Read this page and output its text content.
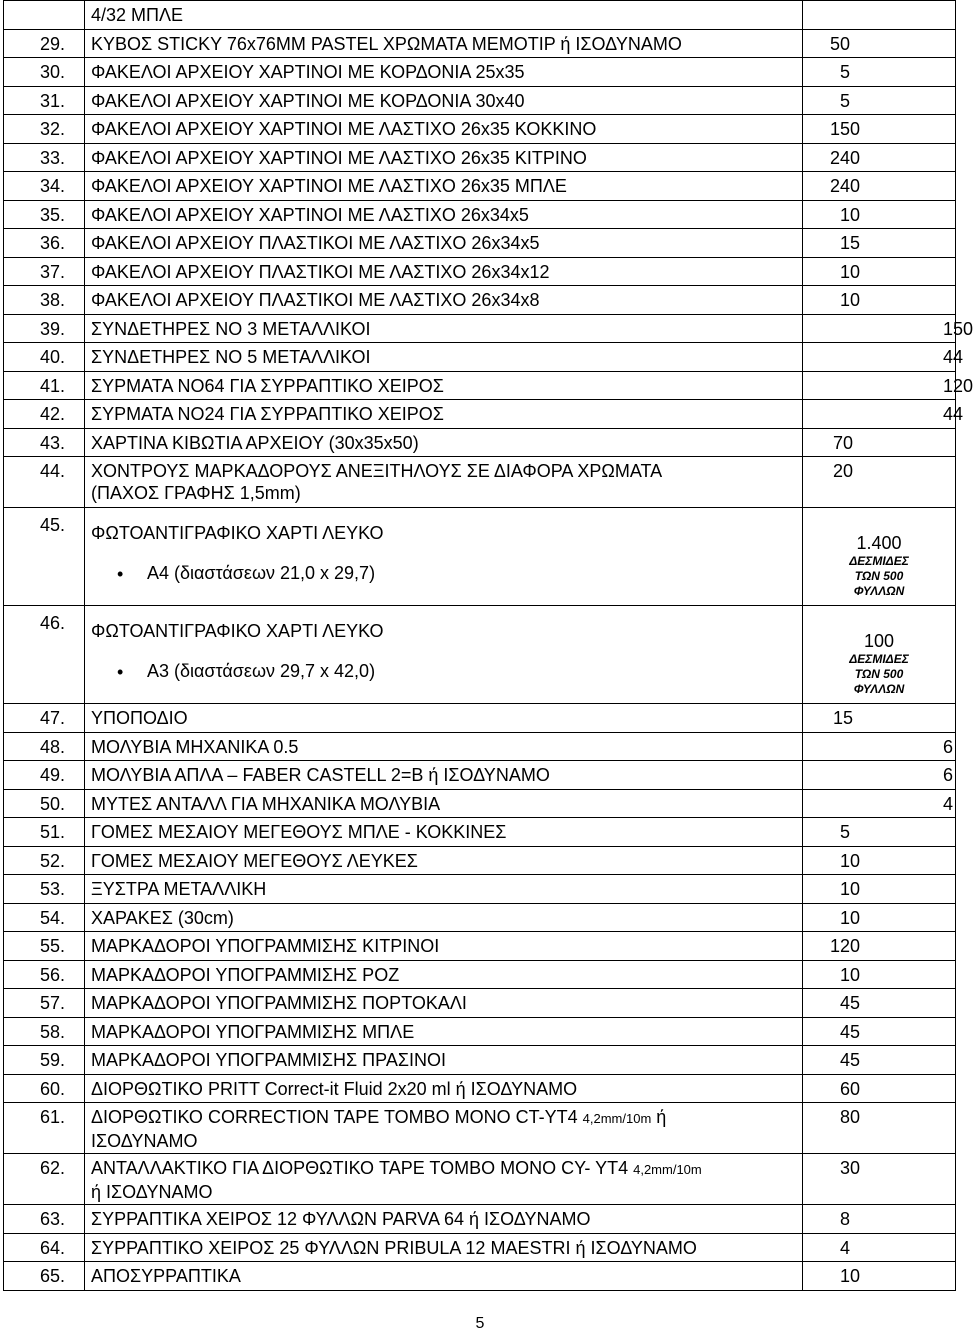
	4/32 ΜΠΛΕ	
29.	ΚΥΒΟΣ STICKY 76x76MM PASTEL ΧΡΩΜΑΤΑ ΜΕΜΟΤΙΡ ή ΙΣΟΔΥΝΑΜΟ	50

30.	ΦΑΚΕΛΟΙ ΑΡΧΕΙΟΥ ΧΑΡΤΙΝΟΙ ΜΕ ΚΟΡΔΟΝΙΑ 25x35	5

31.	ΦΑΚΕΛΟΙ ΑΡΧΕΙΟΥ ΧΑΡΤΙΝΟΙ ΜΕ ΚΟΡΔΟΝΙΑ 30x40	5

32.	ΦΑΚΕΛΟΙ ΑΡΧΕΙΟΥ ΧΑΡΤΙΝΟΙ ΜΕ ΛΑΣΤΙΧΟ 26x35 ΚΟΚΚΙΝΟ	150

33.	ΦΑΚΕΛΟΙ ΑΡΧΕΙΟΥ ΧΑΡΤΙΝΟΙ ΜΕ ΛΑΣΤΙΧΟ 26x35 ΚΙΤΡΙΝΟ	240

34.	ΦΑΚΕΛΟΙ ΑΡΧΕΙΟΥ ΧΑΡΤΙΝΟΙ ΜΕ ΛΑΣΤΙΧΟ 26x35 ΜΠΛΕ	240

35.	ΦΑΚΕΛΟΙ ΑΡΧΕΙΟΥ ΧΑΡΤΙΝΟΙ ΜΕ ΛΑΣΤΙΧΟ 26x34x5	10

36.	ΦΑΚΕΛΟΙ ΑΡΧΕΙΟΥ ΠΛΑΣΤΙΚΟΙ ΜΕ ΛΑΣΤΙΧΟ 26x34x5	15

37.	ΦΑΚΕΛΟΙ ΑΡΧΕΙΟΥ ΠΛΑΣΤΙΚΟΙ ΜΕ ΛΑΣΤΙΧΟ 26x34x12	10

38.	ΦΑΚΕΛΟΙ ΑΡΧΕΙΟΥ ΠΛΑΣΤΙΚΟΙ ΜΕ ΛΑΣΤΙΧΟ 26x34x8	10

39.	ΣΥΝΔΕΤΗΡΕΣ ΝΟ 3 ΜΕΤΑΛΛΙΚΟΙ	150

40.	ΣΥΝΔΕΤΗΡΕΣ ΝΟ 5 ΜΕΤΑΛΛΙΚΟΙ	44

41.	ΣΥΡΜΑΤΑ ΝΟ64 ΓΙΑ ΣΥΡΡΑΠΤΙΚΟ ΧΕΙΡΟΣ	120

42.	ΣΥΡΜΑΤΑ ΝΟ24 ΓΙΑ ΣΥΡΡΑΠΤΙΚΟ ΧΕΙΡΟΣ	44

43.	ΧΑΡΤΙΝΑ ΚΙΒΩΤΙΑ ΑΡΧΕΙΟΥ (30x35x50)	70

44.	ΧΟΝΤΡΟΥΣ ΜΑΡΚΑΔΟΡΟΥΣ ΑΝΕΞΙΤΗΛΟΥΣ ΣΕ ΔΙΑΦΟΡΑ ΧΡΩΜΑΤΑ
(ΠΑΧΟΣ ΓΡΑΦΗΣ 1,5mm)	20

45.	ΦΩΤΟΑΝΤΙΓΡΑΦΙΚΟ ΧΑΡΤΙ ΛΕΥΚΟ
• Α4 (διαστάσεων 21,0 x 29,7)	1.400
ΔΕΣΜΙΔΕΣ
ΤΩΝ 500
ΦΥΛΛΩΝ

46.	ΦΩΤΟΑΝΤΙΓΡΑΦΙΚΟ ΧΑΡΤΙ ΛΕΥΚΟ
• Α3 (διαστάσεων 29,7 x 42,0)	100
ΔΕΣΜΙΔΕΣ
ΤΩΝ 500
ΦΥΛΛΩΝ

47.	ΥΠΟΠΟΔΙΟ	15

48.	ΜΟΛΥΒΙΑ ΜΗΧΑΝΙΚΑ 0.5	6

49.	ΜΟΛΥΒΙΑ ΑΠΛΑ – FABER CASTELL 2=B ή ΙΣΟΔΥΝΑΜΟ	6

50.	ΜΥΤΕΣ ΑΝΤΑΛΛ ΓΙΑ ΜΗΧΑΝΙΚΑ ΜΟΛΥΒΙΑ	4

51.	ΓΟΜΕΣ ΜΕΣΑΙΟΥ ΜΕΓΕΘΟΥΣ ΜΠΛΕ - ΚΟΚΚΙΝΕΣ	5

52.	ΓΟΜΕΣ ΜΕΣΑΙΟΥ ΜΕΓΕΘΟΥΣ ΛΕΥΚΕΣ	10

53.	ΞΥΣΤΡΑ ΜΕΤΑΛΛΙΚΗ	10

54.	ΧΑΡΑΚΕΣ (30cm)	10

55.	ΜΑΡΚΑΔΟΡΟΙ ΥΠΟΓΡΑΜΜΙΣΗΣ ΚΙΤΡΙΝΟΙ	120

56.	ΜΑΡΚΑΔΟΡΟΙ ΥΠΟΓΡΑΜΜΙΣΗΣ ΡΟΖ	10

57.	ΜΑΡΚΑΔΟΡΟΙ ΥΠΟΓΡΑΜΜΙΣΗΣ ΠΟΡΤΟΚΑΛΙ	45

58.	ΜΑΡΚΑΔΟΡΟΙ ΥΠΟΓΡΑΜΜΙΣΗΣ ΜΠΛΕ	45

59.	ΜΑΡΚΑΔΟΡΟΙ ΥΠΟΓΡΑΜΜΙΣΗΣ ΠΡΑΣΙΝΟΙ	45

60.	ΔΙΟΡΘΩΤΙΚΟ PRITT Correct-it Fluid 2x20 ml ή ΙΣΟΔΥΝΑΜΟ	60

61.	ΔΙΟΡΘΩΤΙΚΟ CORRECTION TAPE TOMBO MONO CT-YT4 4,2mm/10m ή
ΙΣΟΔΥΝΑΜΟ	80

62.	ΑΝΤΑΛΛΑΚΤΙΚΟ ΓΙΑ ΔΙΟΡΘΩΤΙΚΟ TAPE TOMBO MONO CY- YT4 4,2mm/10m
ή ΙΣΟΔΥΝΑΜΟ	30

63.	ΣΥΡΡΑΠΤΙΚΑ ΧΕΙΡΟΣ 12 ΦΥΛΛΩΝ PARVA 64 ή ΙΣΟΔΥΝΑΜΟ	8

64.	ΣΥΡΡΑΠΤΙΚΟ ΧΕΙΡΟΣ 25 ΦΥΛΛΩΝ PRIBULA 12 MAESTRI ή ΙΣΟΔΥΝΑΜΟ	4

65.	ΑΠΟΣΥΡΡΑΠΤΙΚΑ	10
5
